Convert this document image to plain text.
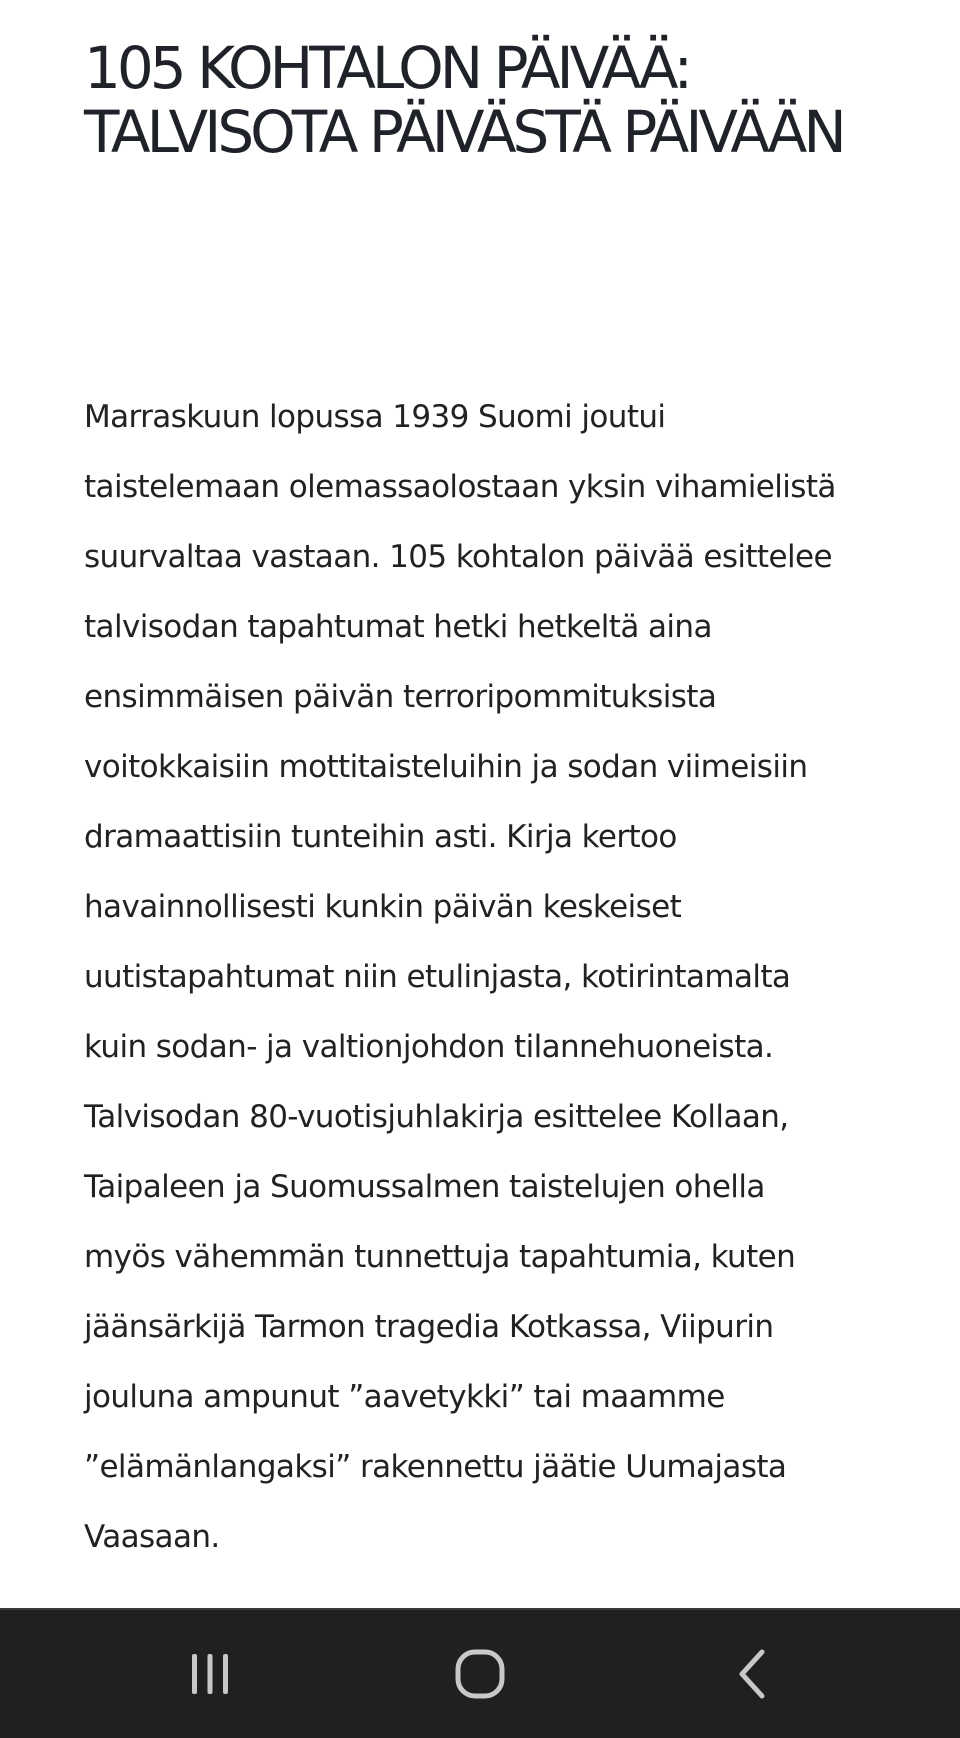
105 KOHTALON PÄIVÄÄ:
TALVISOTA PÄIVÄSTÄ PÄIVÄÄN

Marraskuun lopussa 1939 Suomi joutui
taistelemaan olemassaolostaan yksin vihamielistä
suurvaltaa vastaan. 105 kohtalon päivää esittelee
talvisodan tapahtumat hetki hetkeltä aina
ensimmäisen päivän terroripommituksista
voitokkaisiin mottitaisteluihin ja sodan viimeisiin
dramaattisiin tunteihin asti. Kirja kertoo
havainnollisesti kunkin päivän keskeiset
uutistapahtumat niin etulinjasta, kotirintamalta
kuin sodan- ja valtionjohdon tilannehuoneista.
Talvisodan 80-vuotisjuhlakirja esittelee Kollaan,
Taipaleen ja Suomussalmen taistelujen ohella
myös vähemmän tunnettuja tapahtumia, kuten
jäänsärkijä Tarmon tragedia Kotkassa, Viipurin
jouluna ampunut ”aavetykki” tai maamme
”elämänlangaksi” rakennettu jäätie Uumajasta
Vaasaan.
